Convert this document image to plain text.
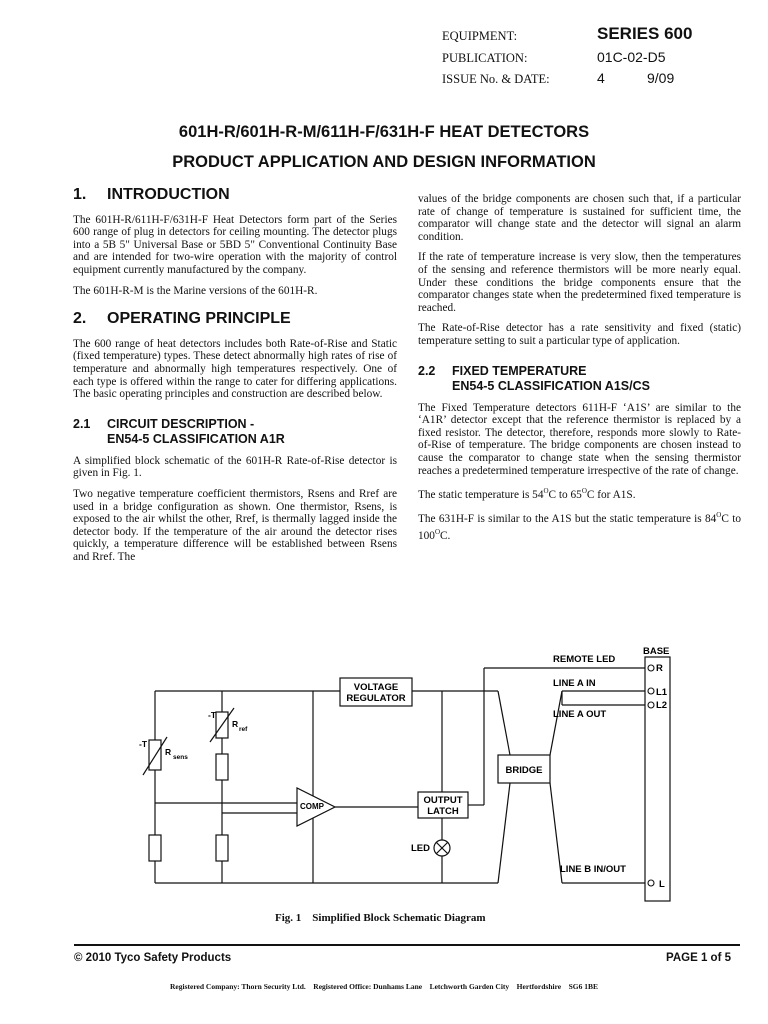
EQUIPMENT:	SERIES 600
PUBLICATION:	01C-02-D5
ISSUE No. & DATE:	4	9/09
601H-R/601H-R-M/611H-F/631H-F HEAT DETECTORS
PRODUCT APPLICATION AND DESIGN INFORMATION
1. INTRODUCTION

The 601H-R/611H-F/631H-F Heat Detectors form part of the Series 600 range of plug in detectors for ceiling mounting. The detector plugs into a 5B 5" Universal Base or 5BD 5" Conventional Continuity Base and are intended for two-wire operation with the majority of control equipment currently manufactured by the company.

The 601H-R-M is the Marine versions of the 601H-R.

2. OPERATING PRINCIPLE

The 600 range of heat detectors includes both Rate-of-Rise and Static (fixed temperature) types. These detect abnormally high rates of rise of temperature and abnormally high temperatures respectively. One of each type is offered within the range to cater for differing applications. The basic operating principles and construction are described below.

2.1 CIRCUIT DESCRIPTION -
EN54-5 CLASSIFICATION A1R

A simplified block schematic of the 601H-R Rate-of-Rise detector is given in Fig. 1.

Two negative temperature coefficient thermistors, Rsens and Rref are used in a bridge configuration as shown. One thermistor, Rsens, is exposed to the air whilst the other, Rref, is thermally lagged inside the detector body. If the temperature of the air around the detector rises quickly, a temperature difference will be established between Rsens and Rref. The

values of the bridge components are chosen such that, if a particular rate of change of temperature is sustained for sufficient time, the comparator will change state and the detector will signal an alarm condition.

If the rate of temperature increase is very slow, then the temperatures of the sensing and reference thermistors will be more nearly equal. Under these conditions the bridge components ensure that the comparator changes state when the predetermined fixed temperature is reached.

The Rate-of-Rise detector has a rate sensitivity and fixed (static) temperature setting to suit a particular type of application.

2.2 FIXED TEMPERATURE
EN54-5 CLASSIFICATION A1S/CS

The Fixed Temperature detectors 611H-F ‘A1S’ are similar to the ‘A1R’ detector except that the reference thermistor is replaced by a fixed resistor. The detector, therefore, responds more slowly to Rate-of-Rise of temperature. The bridge components are chosen instead to cause the comparator to change state when the sensing thermistor reaches a predetermined temperature irrespective of the rate of change.

The static temperature is $54^OC$ to $65^OC$ for A1S.

The 631H-F is similar to the A1S but the static temperature is $84^OC$ to $100^OC$.

VOLTAGE
REGULATOR
OUTPUT
LATCH
BRIDGE
COMP
LED
REMOTE LED
LINE A IN
LINE A OUT
LINE B IN/OUT
BASE
R
L1
L2
L
-T
R
ref
-T
R
sens
Fig. 1 Simplified Block Schematic Diagram
© 2010 Tyco Safety Products	PAGE 1 of 5
Registered Company: Thorn Security Ltd.    Registered Office: Dunhams Lane    Letchworth Garden City    Hertfordshire    SG6 1BE
